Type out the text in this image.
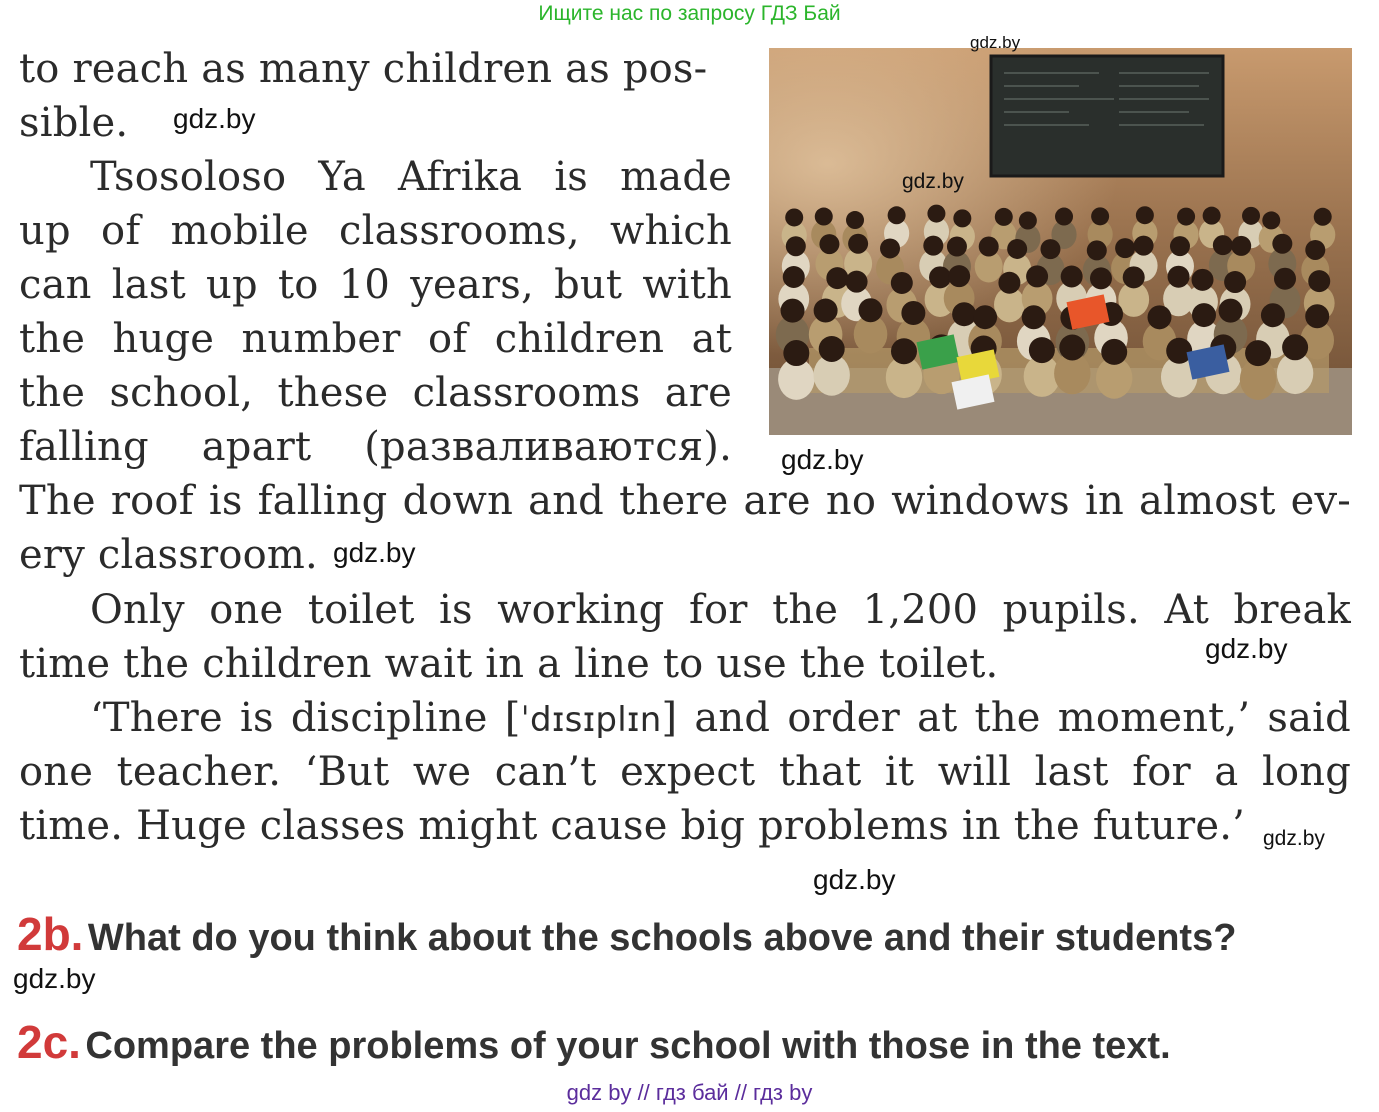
Ищите нас по запросу ГДЗ Бай
to reach as many children as pos-
sible.
Tsosoloso Ya Afrika is made
up of mobile classrooms, which
can last up to 10 years, but with
the huge number of children at
the school, these classrooms are
falling apart (разваливаются).
The roof is falling down and there are no windows in almost ev-
ery classroom.
Only one toilet is working for the 1,200 pupils. At break
time the children wait in a line to use the toilet.
‘There is discipline [ˈdɪsɪplɪn] and order at the moment,’ said
one teacher. ‘But we can’t expect that it will last for a long
time. Huge classes might cause big problems in the future.’
2b. What do you think about the schools above and their students?
2c. Compare the problems of your school with those in the text.
gdz.by
gdz.by
gdz.by
gdz.by
gdz.by
gdz.by
gdz.by
gdz.by
gdz.by
gdz by // гдз бай // гдз by
